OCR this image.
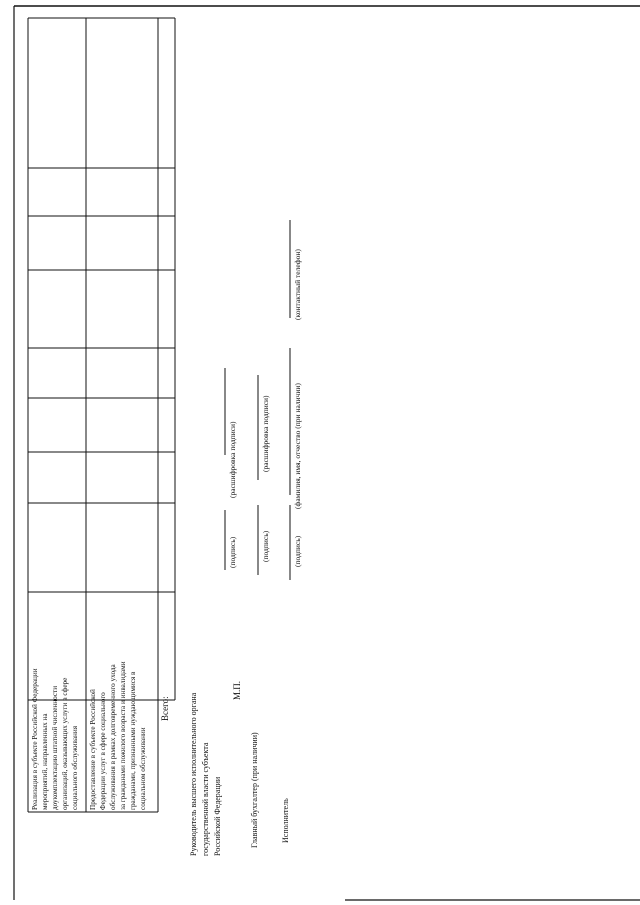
Реализация в субъекте Российской Федерации мероприятий, направленных на доукомплектацию штатной численности организаций, оказывающих услуги в сфере социального обслуживания Предоставление в субъекте Российской Федерации услуг в сфере социального обслуживания в рамках долговременного ухода за гражданами пожилого возраста и инвалидами гражданами, признанными нуждающимися в социальном обслуживании
Всего: Руководитель высшего исполнительного органа государственной власти субъекта Российской Федерации
(подпись)
(расшифровка подписи)
М.П.
Главный бухгалтер (при наличии)
(подпись)
(расшифровка подписи)
Исполнитель
(подпись)
(фамилия, имя, отчество (при наличии)
(контактный телефон)
